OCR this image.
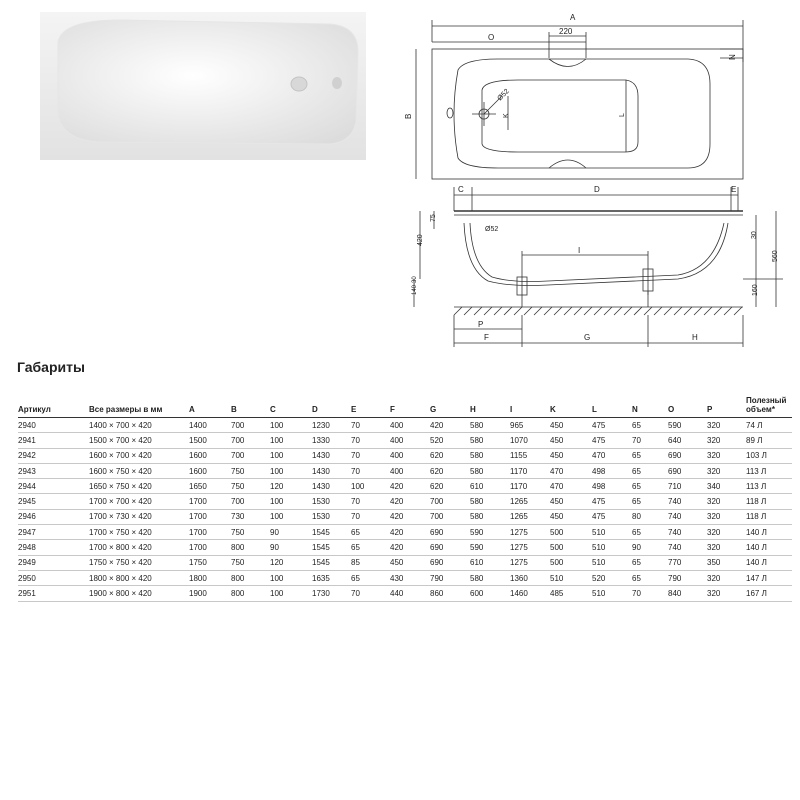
A
O
220
N
B
Ø52
K	L
C	D	E
Ø52
75
420
140-30
30
560
160
I
P
F	G	H
Габариты
Артикул	Все размеры в мм	A	B	C	D	E	F	G	H	I	K	L	N	O	P	Полезный объем*
2940	1400 × 700 × 420	1400	700	100	1230	70	400	420	580	965	450	475	65	590	320	74 Л
2941	1500 × 700 × 420	1500	700	100	1330	70	400	520	580	1070	450	475	70	640	320	89 Л
2942	1600 × 700 × 420	1600	700	100	1430	70	400	620	580	1155	450	470	65	690	320	103 Л
2943	1600 × 750 × 420	1600	750	100	1430	70	400	620	580	1170	470	498	65	690	320	113 Л
2944	1650 × 750 × 420	1650	750	120	1430	100	420	620	610	1170	470	498	65	710	340	113 Л
2945	1700 × 700 × 420	1700	700	100	1530	70	420	700	580	1265	450	475	65	740	320	118 Л
2946	1700 × 730 × 420	1700	730	100	1530	70	420	700	580	1265	450	475	80	740	320	118 Л
2947	1700 × 750 × 420	1700	750	90	1545	65	420	690	590	1275	500	510	65	740	320	140 Л
2948	1700 × 800 × 420	1700	800	90	1545	65	420	690	590	1275	500	510	90	740	320	140 Л
2949	1750 × 750 × 420	1750	750	120	1545	85	450	690	610	1275	500	510	65	770	350	140 Л
2950	1800 × 800 × 420	1800	800	100	1635	65	430	790	580	1360	510	520	65	790	320	147 Л
2951	1900 × 800 × 420	1900	800	100	1730	70	440	860	600	1460	485	510	70	840	320	167 Л
